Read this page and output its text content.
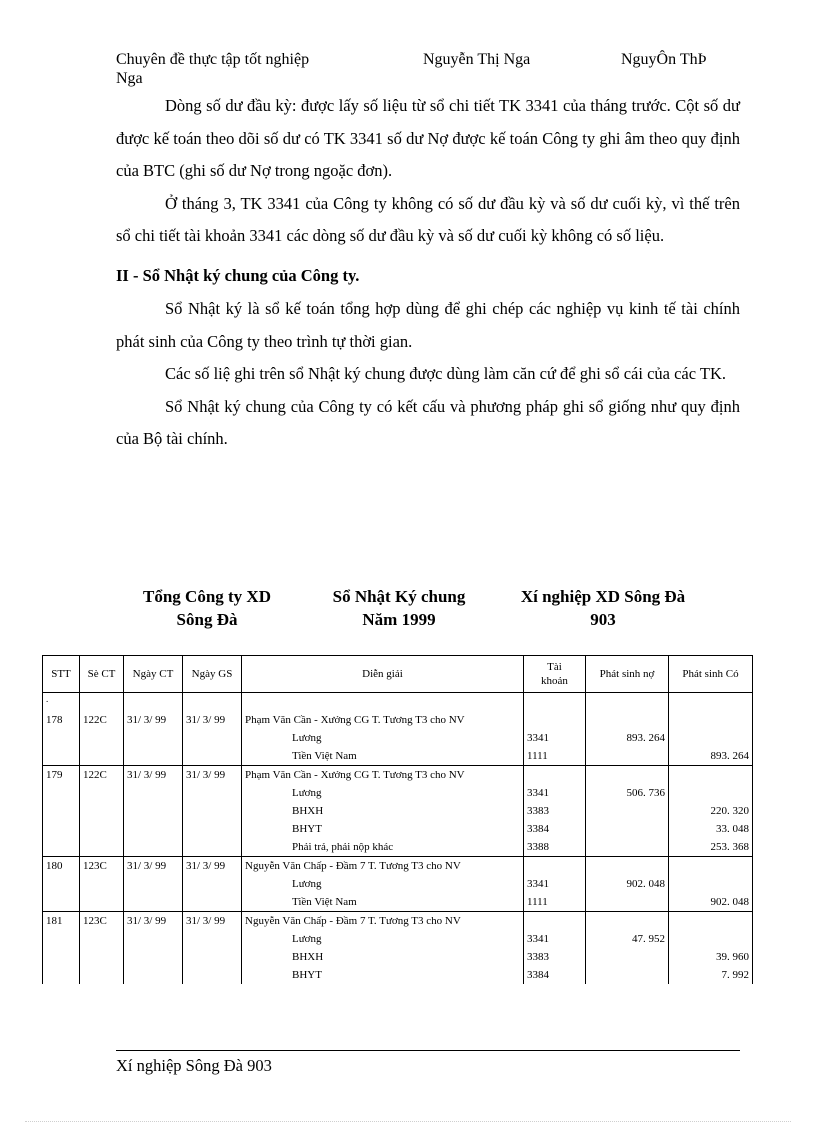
Chuyên đề thực tập tốt nghiệp	Nguyễn Thị Nga	NguyÔn ThÞ
Nga

Dòng số dư đầu kỳ: được lấy số liệu từ sổ chi tiết TK 3341 của tháng trước. Cột số dư được kế toán theo dõi số dư có TK 3341 số dư Nợ được kế toán Công ty ghi âm theo quy định của BTC (ghi số dư Nợ trong ngoặc đơn).

Ở tháng 3, TK 3341 của Công ty không có số dư đầu kỳ và số dư cuối kỳ, vì thế trên sổ chi tiết tài khoản 3341 các dòng số dư đầu kỳ và số dư cuối kỳ không có số liệu.

II - Sổ Nhật ký chung của Công ty.

Sổ Nhật ký là sổ kế toán tổng hợp dùng để ghi chép các nghiệp vụ kinh tế tài chính phát sinh của Công ty theo trình tự thời gian.

Các số liệ ghi trên sổ Nhật ký chung được dùng làm căn cứ để ghi sổ cái của các TK.

Sổ Nhật ký chung của Công ty có kết cấu và phương pháp ghi sổ giống như quy định của Bộ tài chính.

Tổng Công ty XD
Sông Đà
Sổ Nhật Ký chung
Năm 1999
Xí nghiệp XD Sông Đà
903
STT	Sè CT	Ngày CT	Ngày GS	Diễn giải	Tài
khoản	Phát sinh nợ	Phát sinh Có
.							
178	122C	31/ 3/ 99	31/ 3/ 99	Phạm Văn Cần - Xưởng CG T. Tương T3 cho NV			
				Lương	3341	893. 264	
				Tiền Việt Nam	1111		893. 264
179	122C	31/ 3/ 99	31/ 3/ 99	Phạm Văn Cần - Xưởng CG T. Tương T3 cho NV			
				Lương	3341	506. 736	
				BHXH	3383		220. 320
				BHYT	3384		33. 048
				Phải trả, phải nộp khác	3388		253. 368
180	123C	31/ 3/ 99	31/ 3/ 99	Nguyễn Văn Chấp - Đầm 7 T. Tương T3 cho NV			
				Lương	3341	902. 048	
				Tiền Việt Nam	1111		902. 048
181	123C	31/ 3/ 99	31/ 3/ 99	Nguyễn Văn Chấp - Đầm 7 T. Tương T3 cho NV			
				Lương	3341	47. 952	
				BHXH	3383		39. 960
				BHYT	3384		7. 992
Xí nghiệp Sông Đà 903
